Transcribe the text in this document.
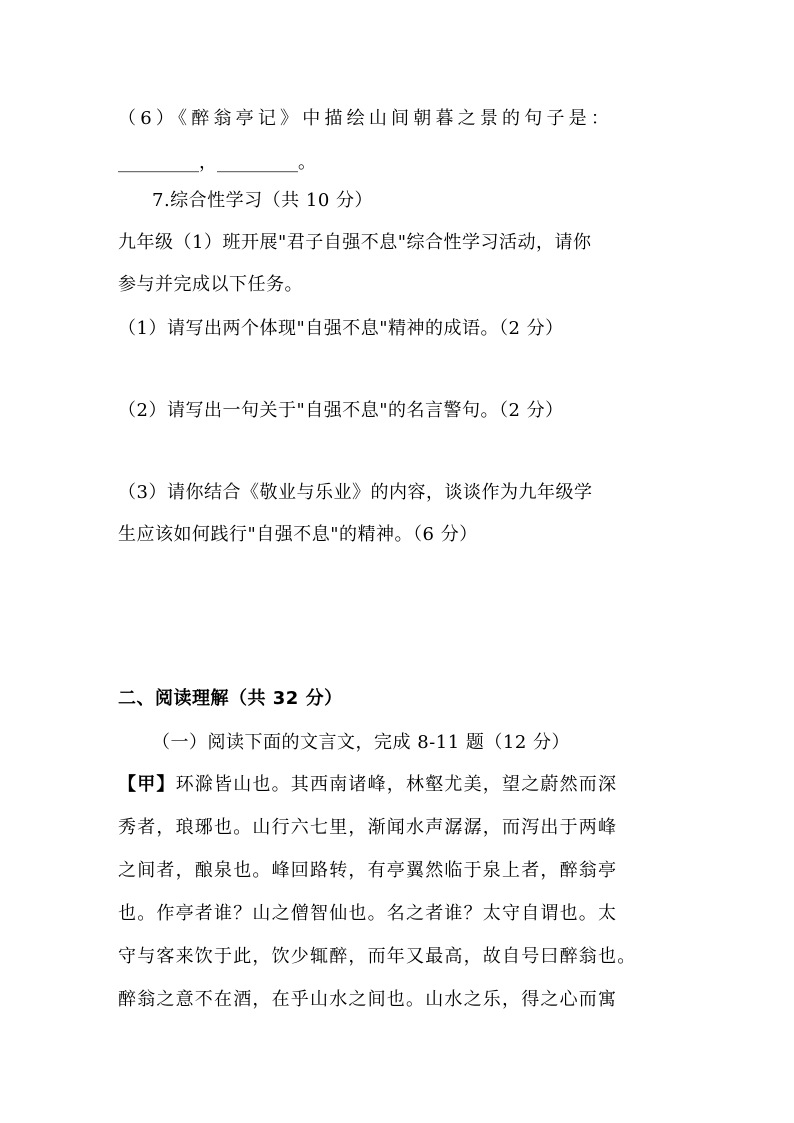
（6）《醉翁亭记》中描绘山间朝暮之景的句子是：
_________，_________。
7.综合性学习（共 10 分）
九年级（1）班开展"君子自强不息"综合性学习活动，请你
参与并完成以下任务。
（1）请写出两个体现"自强不息"精神的成语。（2 分）
（2）请写出一句关于"自强不息"的名言警句。（2 分）
（3）请你结合《敬业与乐业》的内容，谈谈作为九年级学
生应该如何践行"自强不息"的精神。（6 分）
二、阅读理解（共 32 分）
（一）阅读下面的文言文，完成 8-11 题（12 分）
【甲】环滁皆山也。其西南诸峰，林壑尤美，望之蔚然而深
秀者，琅琊也。山行六七里，渐闻水声潺潺，而泻出于两峰
之间者，酿泉也。峰回路转，有亭翼然临于泉上者，醉翁亭
也。作亭者谁？山之僧智仙也。名之者谁？太守自谓也。太
守与客来饮于此，饮少辄醉，而年又最高，故自号曰醉翁也。
醉翁之意不在酒，在乎山水之间也。山水之乐，得之心而寓
